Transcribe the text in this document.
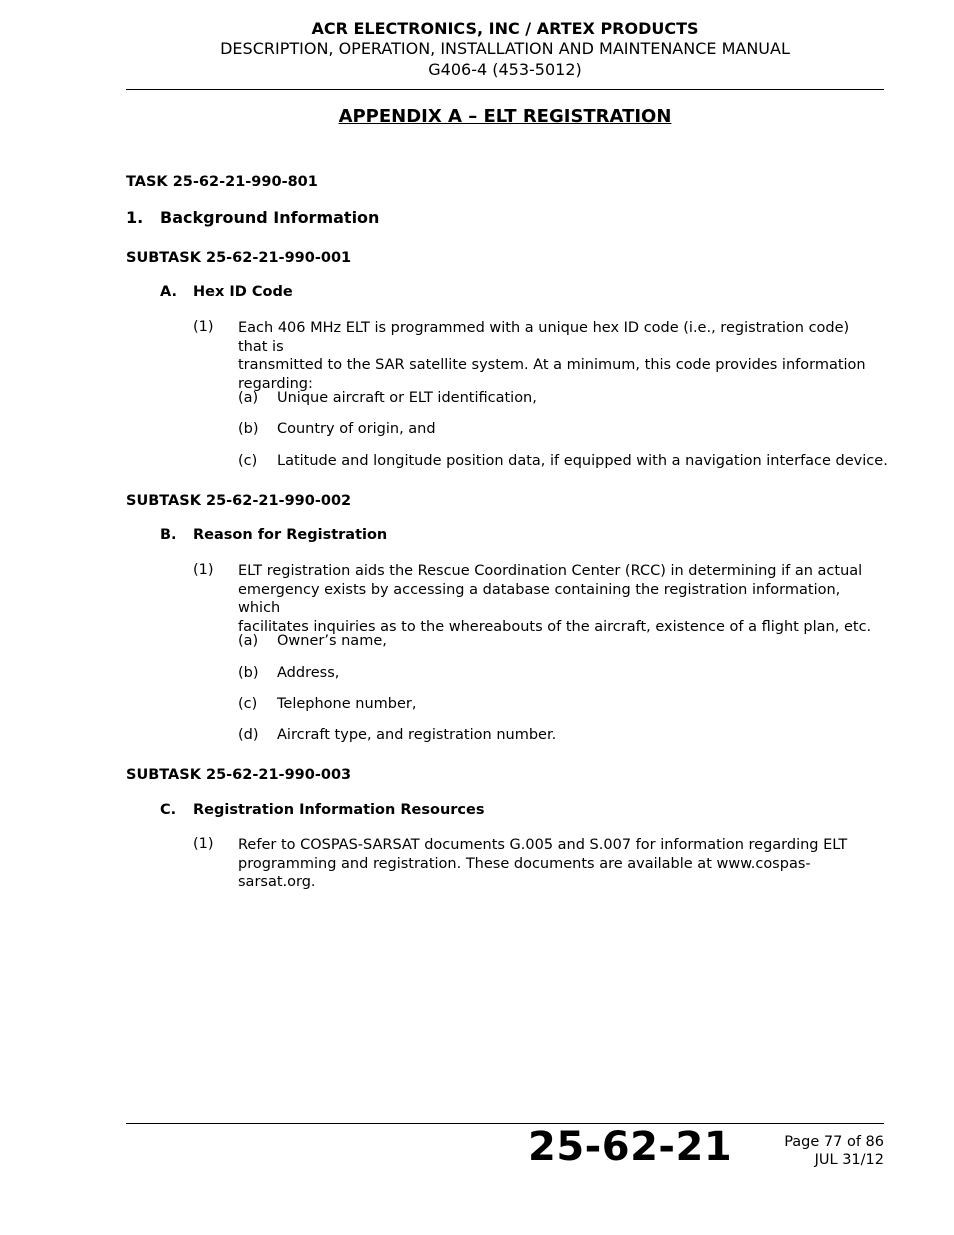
ACR ELECTRONICS, INC / ARTEX PRODUCTS
DESCRIPTION, OPERATION, INSTALLATION AND MAINTENANCE MANUAL
G406-4 (453-5012)
APPENDIX A – ELT REGISTRATION
TASK 25-62-21-990-801
1. Background Information
SUBTASK 25-62-21-990-001
A. Hex ID Code
(1) Each 406 MHz ELT is programmed with a unique hex ID code (i.e., registration code) that is
transmitted to the SAR satellite system. At a minimum, this code provides information
regarding:
(a) Unique aircraft or ELT identification,
(b) Country of origin, and
(c) Latitude and longitude position data, if equipped with a navigation interface device.
SUBTASK 25-62-21-990-002
B. Reason for Registration
(1) ELT registration aids the Rescue Coordination Center (RCC) in determining if an actual
emergency exists by accessing a database containing the registration information, which
facilitates inquiries as to the whereabouts of the aircraft, existence of a flight plan, etc.
(a) Owner’s name,
(b) Address,
(c) Telephone number,
(d) Aircraft type, and registration number.
SUBTASK 25-62-21-990-003
C. Registration Information Resources
(1) Refer to COSPAS-SARSAT documents G.005 and S.007 for information regarding ELT
programming and registration. These documents are available at www.cospas-sarsat.org.
25-62-21	Page 77 of 86
JUL 31/12
